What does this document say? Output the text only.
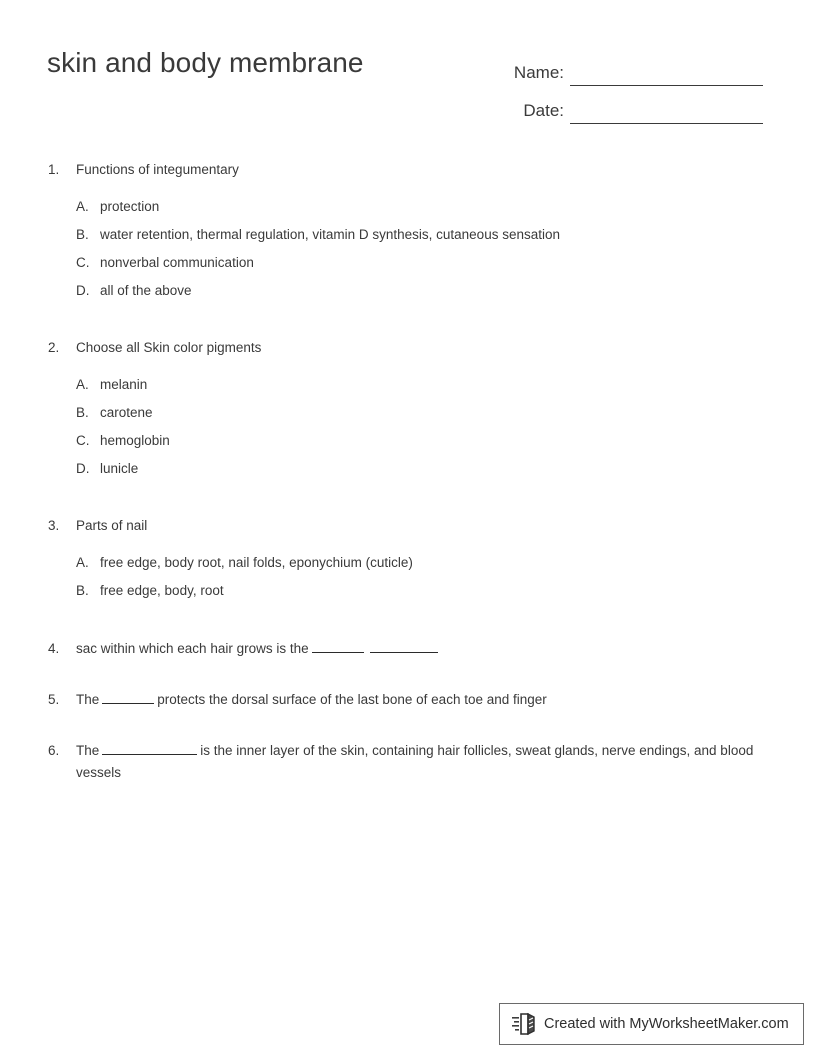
skin and body membrane	Name:
Date:
1.	Functions of integumentary
A. protection
B. water retention, thermal regulation, vitamin D synthesis, cutaneous sensation
C. nonverbal communication
D. all of the above
2.	Choose all Skin color pigments
A. melanin
B. carotene
C. hemoglobin
D. lunicle
3.	Parts of nail
A. free edge, body root, nail folds, eponychium (cuticle)
B. free edge, body, root
4.	sac within which each hair grows is the
5.	The	protects the dorsal surface of the last bone of each toe and finger
6.	The	is the inner layer of the skin, containing hair follicles, sweat glands, nerve endings, and blood vessels
Created with MyWorksheetMaker.com
